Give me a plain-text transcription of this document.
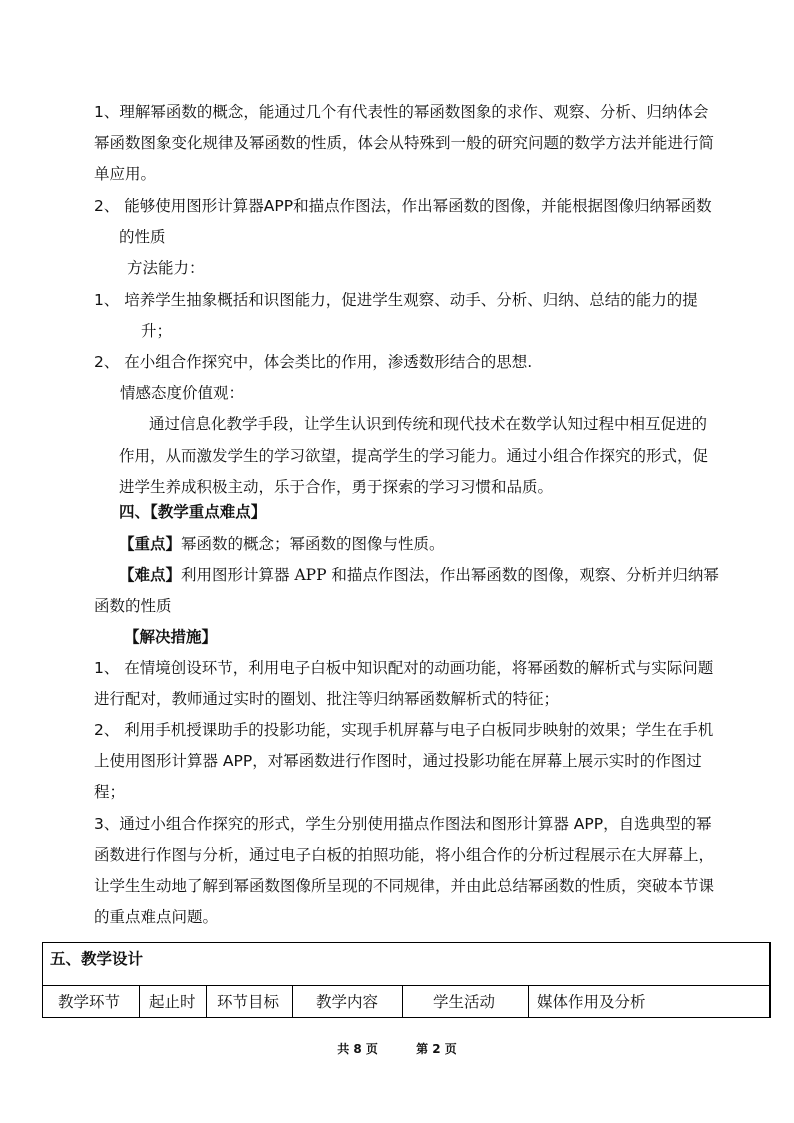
1、理解幂函数的概念，能通过几个有代表性的幂函数图象的求作、观察、分析、归纳体会
幂函数图象变化规律及幂函数的性质，体会从特殊到一般的研究问题的数学方法并能进行简
单应用。
2、 能够使用图形计算器APP和描点作图法，作出幂函数的图像，并能根据图像归纳幂函数
的性质
方法能力：
1、 培养学生抽象概括和识图能力，促进学生观察、动手、分析、归纳、总结的能力的提
升；
2、 在小组合作探究中，体会类比的作用，渗透数形结合的思想.
情感态度价值观：
通过信息化教学手段，让学生认识到传统和现代技术在数学认知过程中相互促进的
作用，从而激发学生的学习欲望，提高学生的学习能力。通过小组合作探究的形式，促
进学生养成积极主动，乐于合作，勇于探索的学习习惯和品质。
四、【教学重点难点】
【重点】幂函数的概念；幂函数的图像与性质。
【难点】利用图形计算器 APP 和描点作图法，作出幂函数的图像，观察、分析并归纳幂
函数的性质
【解决措施】
1、 在情境创设环节，利用电子白板中知识配对的动画功能，将幂函数的解析式与实际问题
进行配对，教师通过实时的圈划、批注等归纳幂函数解析式的特征；
2、 利用手机授课助手的投影功能，实现手机屏幕与电子白板同步映射的效果；学生在手机
上使用图形计算器 APP，对幂函数进行作图时，通过投影功能在屏幕上展示实时的作图过
程；
3、通过小组合作探究的形式，学生分别使用描点作图法和图形计算器 APP，自选典型的幂
函数进行作图与分析，通过电子白板的拍照功能，将小组合作的分析过程展示在大屏幕上，
让学生生动地了解到幂函数图像所呈现的不同规律，并由此总结幂函数的性质，突破本节课
的重点难点问题。
五、教学设计
教学环节	起止时	环节目标	教学内容	学生活动	媒体作用及分析
共 8 页	第 2 页
